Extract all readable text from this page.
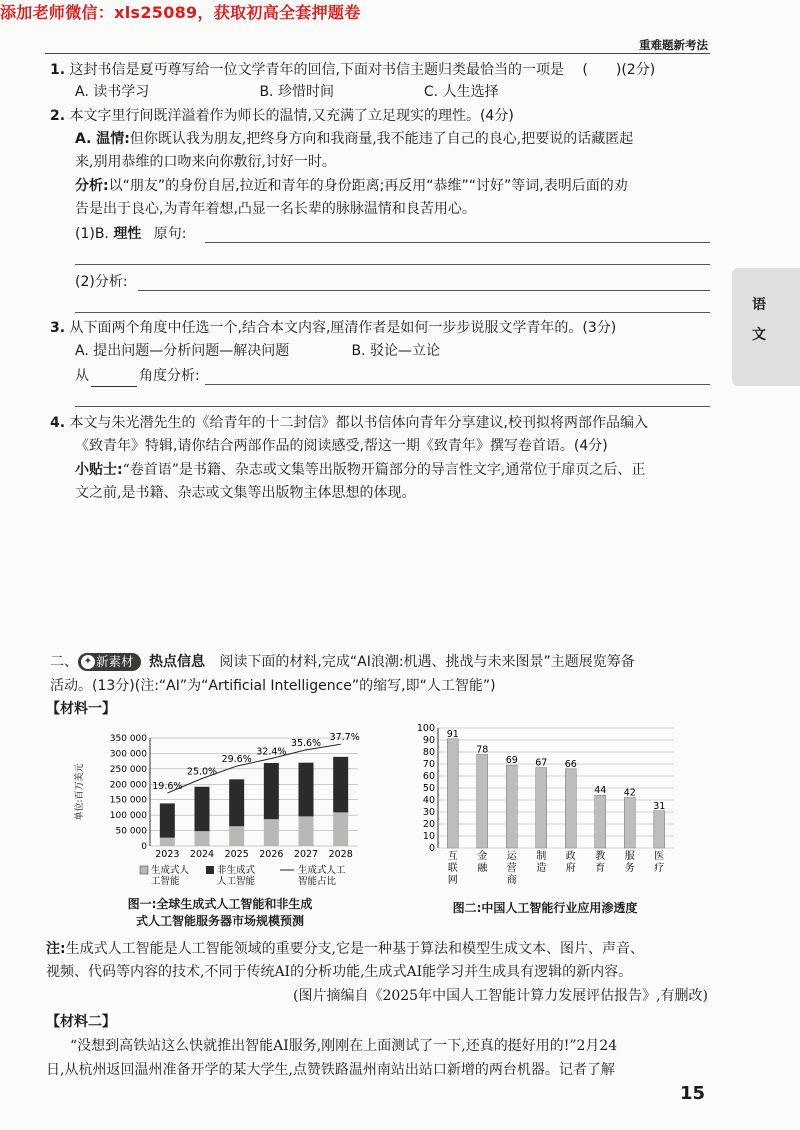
添加老师微信：xls25089，获取初高全套押题卷
重难题新考法
语
文
1. 这封书信是夏丏尊写给一位文学青年的回信,下面对书信主题归类最恰当的一项是 (　　)(2分)
A. 读书学习	B. 珍惜时间	C. 人生选择
2. 本文字里行间既洋溢着作为师长的温情,又充满了立足现实的理性。(4分)
A. 温情:但你既认我为朋友,把终身方向和我商量,我不能违了自己的良心,把要说的话藏匿起
来,别用恭维的口吻来向你敷衍,讨好一时。
分析:以“朋友”的身份自居,拉近和青年的身份距离;再反用“恭维”“讨好”等词,表明后面的劝
告是出于良心,为青年着想,凸显一名长辈的脉脉温情和良苦用心。
(1)B. 理性 原句:
(2)分析:
3. 从下面两个角度中任选一个,结合本文内容,厘清作者是如何一步步说服文学青年的。(3分)
A. 提出问题—分析问题—解决问题	B. 驳论—立论
从	角度分析:
4. 本文与朱光潜先生的《给青年的十二封信》都以书信体向青年分享建议,校刊拟将两部作品编入
《致青年》特辑,请你结合两部作品的阅读感受,帮这一期《致青年》撰写卷首语。(4分)
小贴士:“卷首语”是书籍、杂志或文集等出版物开篇部分的导言性文字,通常位于扉页之后、正
文之前,是书籍、杂志或文集等出版物主体思想的体现。
二、 ✦ 新素材 热点信息 阅读下面的材料,完成“AI浪潮:机遇、挑战与未来图景”主题展览筹备
活动。(13分)(注:“AI”为“Artificial Intelligence”的缩写,即“人工智能”)
【材料一】
单位:百万美元
0
50 000
100 000
150 000
200 000
250 000
300 000
350 000
2023
19.6%
2024
25.0%
2025
29.6%
2026
32.4%
2027
35.6%
2028
37.7%
生成式人工智能
非生成式人工智能
生成式人工智能占比
图一:全球生成式人工智能和非生成
式人工智能服务器市场规模预测
0
10
20
30
40
50
60
70
80
90
100
91
互联网
78
金融
69
运营商
67
制造
66
政府
44
教育
42
服务
31
医疗
图二:中国人工智能行业应用渗透度
注:生成式人工智能是人工智能领域的重要分支,它是一种基于算法和模型生成文本、图片、声音、
视频、代码等内容的技术,不同于传统AI的分析功能,生成式AI能学习并生成具有逻辑的新内容。
(图片摘编自《2025年中国人工智能计算力发展评估报告》,有删改)
【材料二】
“没想到高铁站这么快就推出智能AI服务,刚刚在上面测试了一下,还真的挺好用的!”2月24
日,从杭州返回温州准备开学的某大学生,点赞铁路温州南站出站口新增的两台机器。记者了解
15
